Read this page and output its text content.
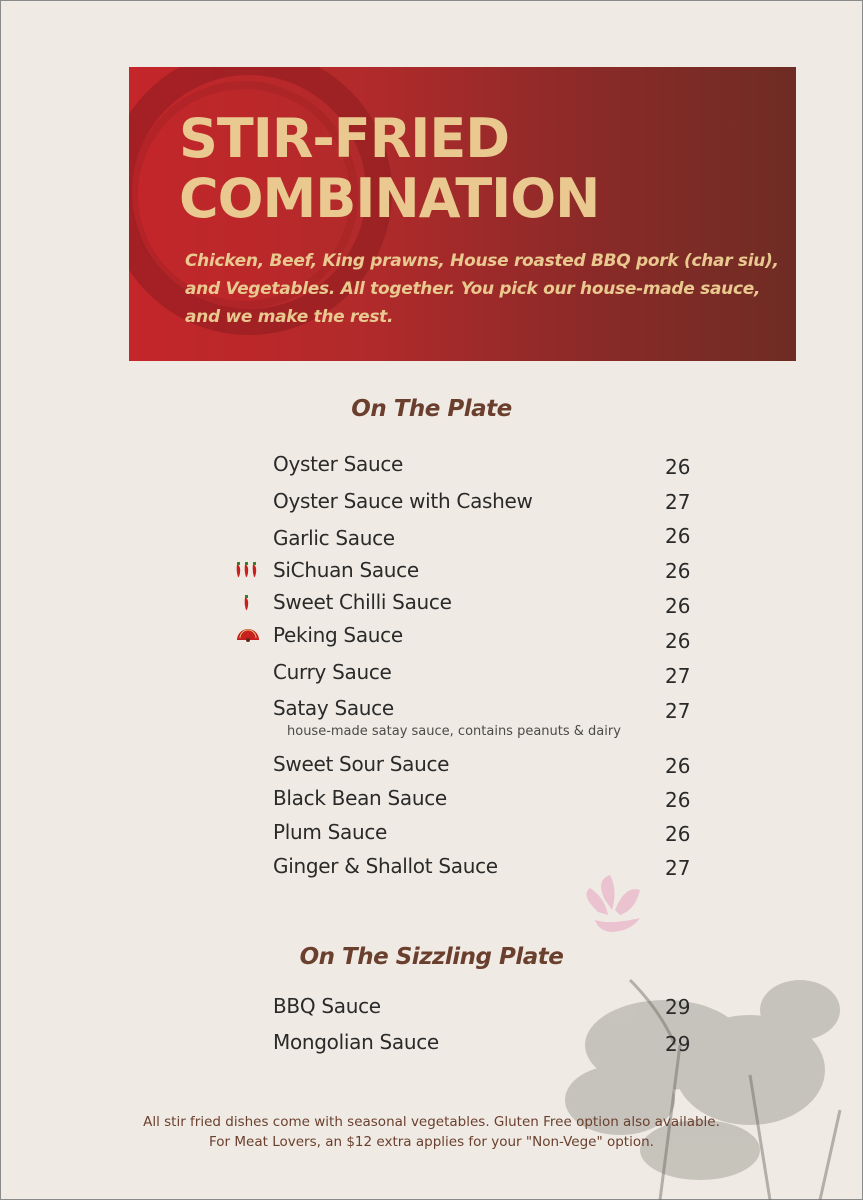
STIR-FRIED
COMBINATION

Chicken, Beef, King prawns, House roasted BBQ pork (char siu), and Vegetables. All together. You pick our house-made sauce, and we make the rest.

On The Plate
Oyster Sauce	26
Oyster Sauce with Cashew	27
Garlic Sauce	26
SiChuan Sauce	26
Sweet Chilli Sauce	26
Peking Sauce	26
Curry Sauce	27
Satay Sauce	27
house-made satay sauce, contains peanuts & dairy
Sweet Sour Sauce	26
Black Bean Sauce	26
Plum Sauce	26
Ginger & Shallot Sauce	27
On The Sizzling Plate
BBQ Sauce	29
Mongolian Sauce	29

All stir fried dishes come with seasonal vegetables. Gluten Free option also available.
For Meat Lovers, an $12 extra applies for your "Non-Vege" option.
